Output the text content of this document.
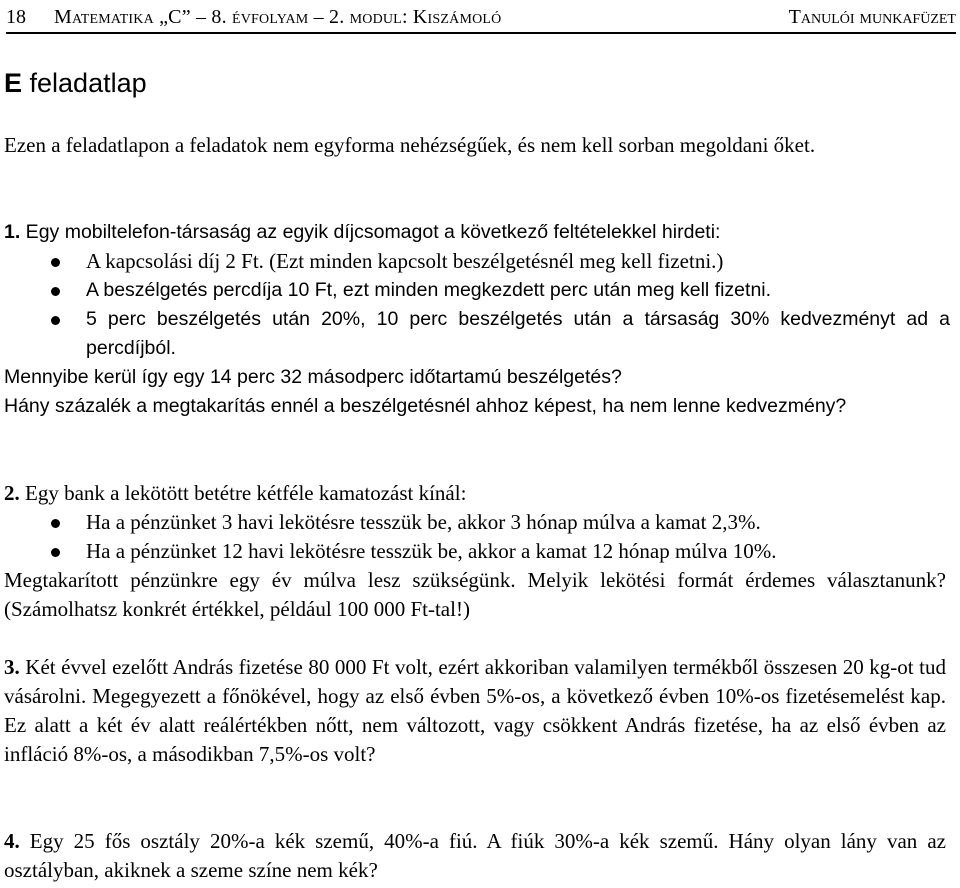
18 Matematika „C” – 8. évfolyam – 2. modul: Kiszámoló	Tanulói munkafüzet
E feladatlap
Ezen a feladatlapon a feladatok nem egyforma nehézségűek, és nem kell sorban megoldani őket.
1. Egy mobiltelefon-társaság az egyik díjcsomagot a következő feltételekkel hirdeti:
A kapcsolási díj 2 Ft. (Ezt minden kapcsolt beszélgetésnél meg kell fizetni.)
A beszélgetés percdíja 10 Ft, ezt minden megkezdett perc után meg kell fizetni.
5 perc beszélgetés után 20%, 10 perc beszélgetés után a társaság 30% kedvezményt ad a percdíjból.
Mennyibe kerül így egy 14 perc 32 másodperc időtartamú beszélgetés?
Hány százalék a megtakarítás ennél a beszélgetésnél ahhoz képest, ha nem lenne kedvezmény?
2. Egy bank a lekötött betétre kétféle kamatozást kínál:
Ha a pénzünket 3 havi lekötésre tesszük be, akkor 3 hónap múlva a kamat 2,3%.
Ha a pénzünket 12 havi lekötésre tesszük be, akkor a kamat 12 hónap múlva 10%.
Megtakarított pénzünkre egy év múlva lesz szükségünk. Melyik lekötési formát érdemes választanunk? (Számolhatsz konkrét értékkel, például 100 000 Ft-tal!)
3. Két évvel ezelőtt András fizetése 80 000 Ft volt, ezért akkoriban valamilyen termékből összesen 20 kg-ot tud vásárolni. Megegyezett a főnökével, hogy az első évben 5%-os, a következő évben 10%-os fizetésemelést kap. Ez alatt a két év alatt reálértékben nőtt, nem változott, vagy csökkent András fizetése, ha az első évben az infláció 8%-os, a másodikban 7,5%-os volt?
4. Egy 25 fős osztály 20%-a kék szemű, 40%-a fiú. A fiúk 30%-a kék szemű. Hány olyan lány van az osztályban, akiknek a szeme színe nem kék?
